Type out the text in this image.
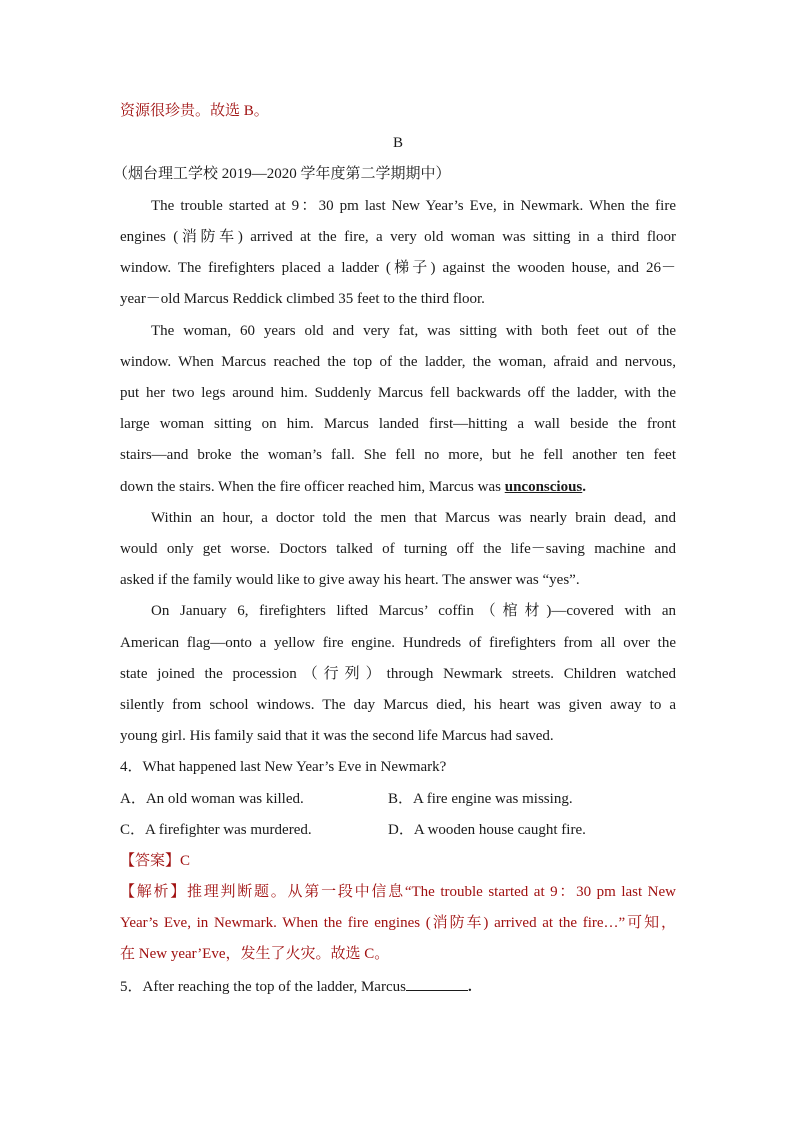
资源很珍贵。故选 B。
B
（烟台理工学校 2019—2020 学年度第二学期期中）
The trouble started at 9：30 pm last New Year’s Eve, in Newmark. When the fire
engines (消防车) arrived at the fire, a very old woman was sitting in a third floor
window. The firefighters placed a ladder (梯子) against the wooden house, and 26－
year－old Marcus Reddick climbed 35 feet to the third floor.
The woman, 60 years old and very fat, was sitting with both feet out of the
window. When Marcus reached the top of the ladder, the woman, afraid and nervous,
put her two legs around him. Suddenly Marcus fell backwards off the ladder, with the
large woman sitting on him. Marcus landed first—hitting a wall beside the front
stairs—and broke the woman’s fall. She fell no more, but he fell another ten feet
down the stairs. When the fire officer reached him, Marcus was unconscious.
Within an hour, a doctor told the men that Marcus was nearly brain dead, and
would only get worse. Doctors talked of turning off the life－saving machine and
asked if the family would like to give away his heart. The answer was “yes”.
On January 6, firefighters lifted Marcus’ coffin（棺材)—covered with an
American flag—onto a yellow fire engine. Hundreds of firefighters from all over the
state joined the procession（行列）through Newmark streets. Children watched
silently from school windows. The day Marcus died, his heart was given away to a
young girl. His family said that it was the second life Marcus had saved.
4．What happened last New Year’s Eve in Newmark?
A．An old woman was killed.	B．A fire engine was missing.
C．A firefighter was murdered.	D．A wooden house caught fire.
【答案】C
【解析】推理判断题。从第一段中信息“The trouble started at 9：30 pm last New
Year’s Eve, in Newmark. When the fire engines (消防车) arrived at the fire…”可知，
在 New year’Eve，发生了火灾。故选 C。
5．After reaching the top of the ladder, Marcus	.
